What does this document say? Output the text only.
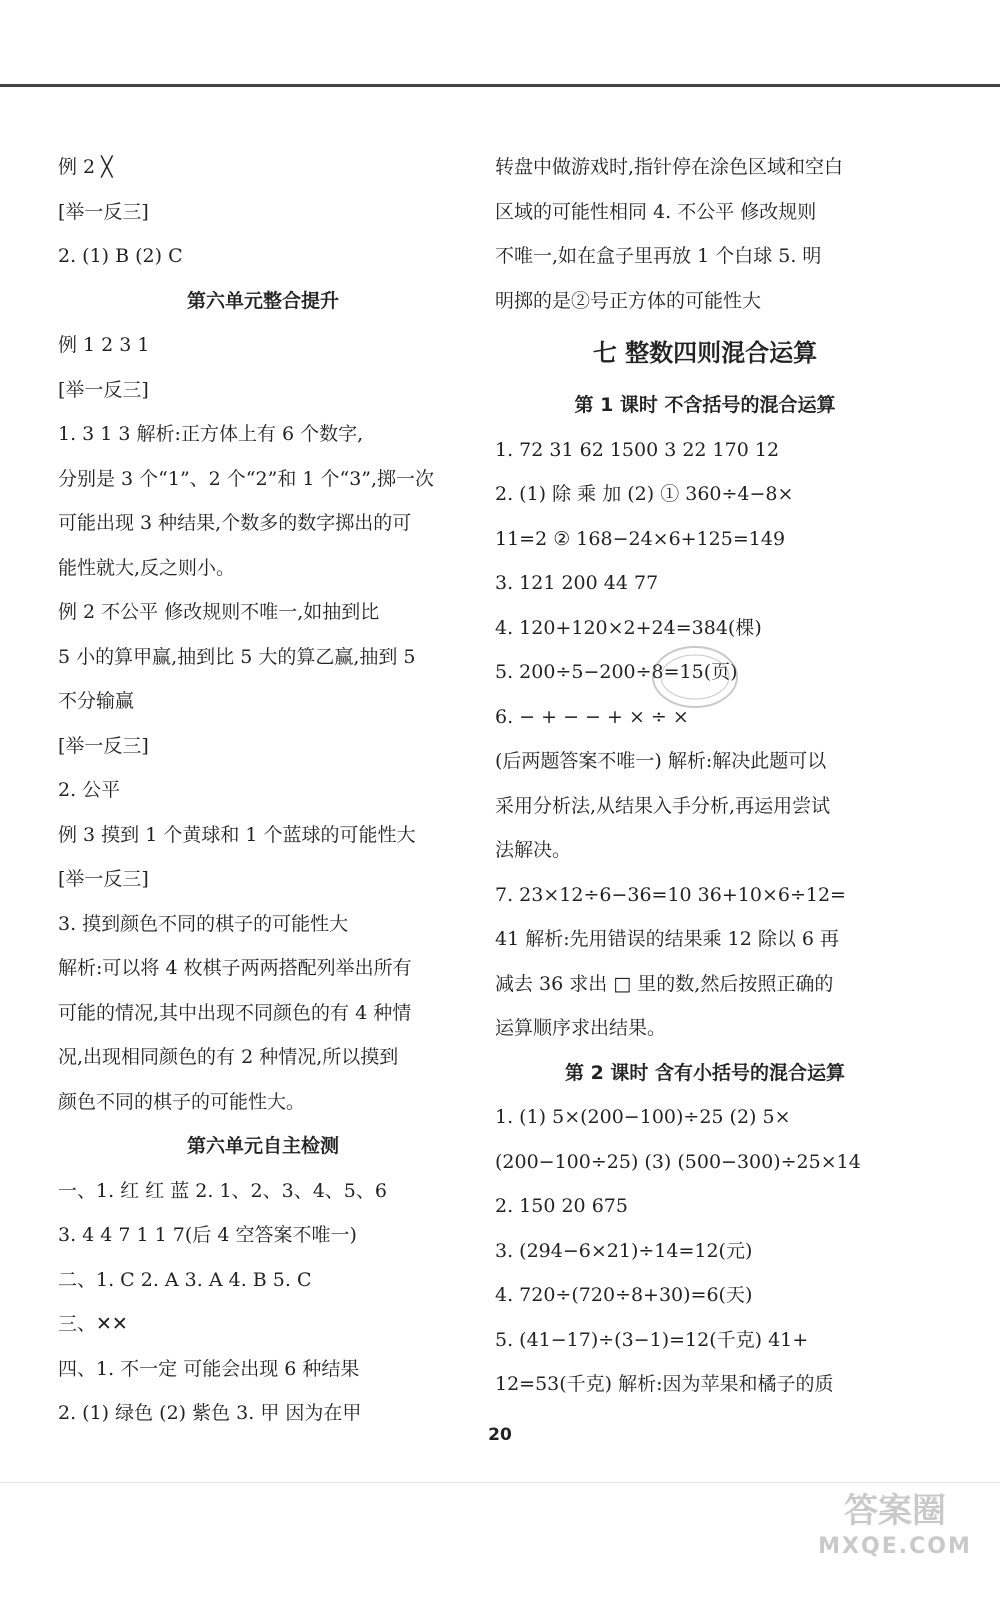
例 2 ╳
[举一反三]
2. (1) B (2) C
第六单元整合提升
例 1 2 3 1
[举一反三]
1. 3 1 3 解析:正方体上有 6 个数字,
分别是 3 个“1”、2 个“2”和 1 个“3”,掷一次
可能出现 3 种结果,个数多的数字掷出的可
能性就大,反之则小。
例 2 不公平 修改规则不唯一,如抽到比
5 小的算甲赢,抽到比 5 大的算乙赢,抽到 5
不分输赢
[举一反三]
2. 公平
例 3 摸到 1 个黄球和 1 个蓝球的可能性大
[举一反三]
3. 摸到颜色不同的棋子的可能性大
解析:可以将 4 枚棋子两两搭配列举出所有
可能的情况,其中出现不同颜色的有 4 种情
况,出现相同颜色的有 2 种情况,所以摸到
颜色不同的棋子的可能性大。
第六单元自主检测
一、1. 红 红 蓝 2. 1、2、3、4、5、6
3. 4 4 7 1 1 7(后 4 空答案不唯一)
二、1. C 2. A 3. A 4. B 5. C
三、✕✕
四、1. 不一定 可能会出现 6 种结果
2. (1) 绿色 (2) 紫色 3. 甲 因为在甲
转盘中做游戏时,指针停在涂色区域和空白
区域的可能性相同 4. 不公平 修改规则
不唯一,如在盒子里再放 1 个白球 5. 明
明掷的是②号正方体的可能性大
七 整数四则混合运算
第 1 课时 不含括号的混合运算
1. 72 31 62 1500 3 22 170 12
2. (1) 除 乘 加 (2) ① 360÷4−8×
11=2 ② 168−24×6+125=149
3. 121 200 44 77
4. 120+120×2+24=384(棵)
5. 200÷5−200÷8=15(页)
6. − + − − + × ÷ ×
(后两题答案不唯一) 解析:解决此题可以
采用分析法,从结果入手分析,再运用尝试
法解决。
7. 23×12÷6−36=10 36+10×6÷12=
41 解析:先用错误的结果乘 12 除以 6 再
减去 36 求出 □ 里的数,然后按照正确的
运算顺序求出结果。
第 2 课时 含有小括号的混合运算
1. (1) 5×(200−100)÷25 (2) 5×
(200−100÷25) (3) (500−300)÷25×14
2. 150 20 675
3. (294−6×21)÷14=12(元)
4. 720÷(720÷8+30)=6(天)
5. (41−17)÷(3−1)=12(千克) 41+
12=53(千克) 解析:因为苹果和橘子的质
20
答案圈
MXQE.COM
